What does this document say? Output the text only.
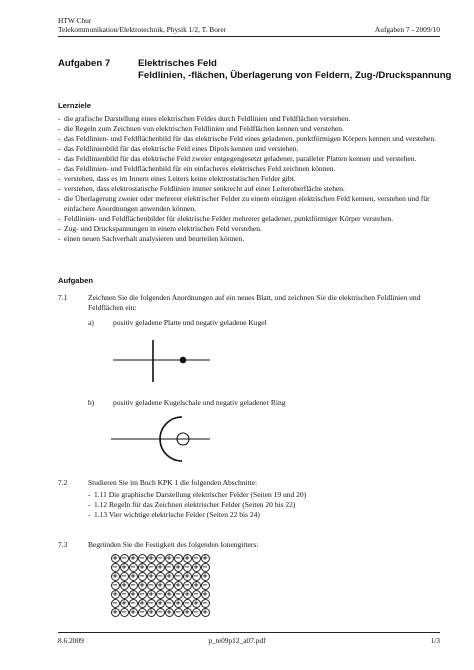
HTW Chur
Telekommunikation/Elektrotechnik, Physik 1/2, T. Borer	Aufgaben 7 - 2009/10
Aufgaben 7	Elektrisches Feld
Feldlinien, -flächen, Überlagerung von Feldern, Zug-/Druckspannung
Lernziele
- die grafische Darstellung eines elektrischen Feldes durch Feldlinien und Feldflächen verstehen.
- die Regeln zum Zeichnen von elektrischen Feldlinien und Feldflächen kennen und verstehen.
- das Feldlinien- und Feldflächenbild für das elektrische Feld eines geladenen, punktförmigen Körpers kennen und verstehen.
- das Feldlinienbild für das elektrische Feld eines Dipols kennen und verstehen.
- das Feldlinienbild für das elektrische Feld zweier entgegengesetzt geladener, paralleler Platten kennen und verstehen.
- das Feldlinien- und Feldflächenbild für ein einfacheres elektrisches Feld zeichnen können.
- verstehen, dass es im Innern eines Leiters keine elektrostatischen Felder gibt.
- verstehen, dass elektrostatische Feldlinien immer senkrecht auf einer Leiteroberfläche stehen.
- die Überlagerung zweier oder mehrerer elektrischer Felder zu einem einzigen elektrischen Feld kennen, verstehen und für einfachere Anordnungen anwenden können.
- Feldlinien- und Feldflächenbilder für elektrische Felder mehrerer geladener, punktförmiger Körper verstehen.
- Zug- und Druckspannungen in einem elektrischen Feld verstehen.
- einen neuen Sachverhalt analysieren und beurteilen können.
Aufgaben
7.1	Zeichnen Sie die folgenden Anordnungen auf ein neues Blatt, und zeichnen Sie die elektrischen Feldlinien und Feldflächen ein:
a)	positiv geladene Platte und negativ geladene Kugel
b)	positiv geladene Kugelschale und negativ geladener Ring
7.2	Studieren Sie im Buch KPK 1 die folgenden Abschnitte:
- 1.11 Die graphische Darstellung elektrischer Felder (Seiten 19 und 20)
- 1.12 Regeln für das Zeichnen elektrischer Felder (Seiten 20 bis 22)
- 1.13 Vier wichtige elektrische Felder (Seiten 22 bis 24)
7.3	Begründen Sie die Festigkeit des folgenden Ionengitters:
+ − + − + − + − + − +
− + − + − + − + − + −
+ − + − + − + − + − +
− + − + − + − + − + −
+ − + − + − + − + − +
− + − + − + − + − + −
+ − + − + − + − + − +
8.6.2009	p_te09p12_a07.pdf	1/3
